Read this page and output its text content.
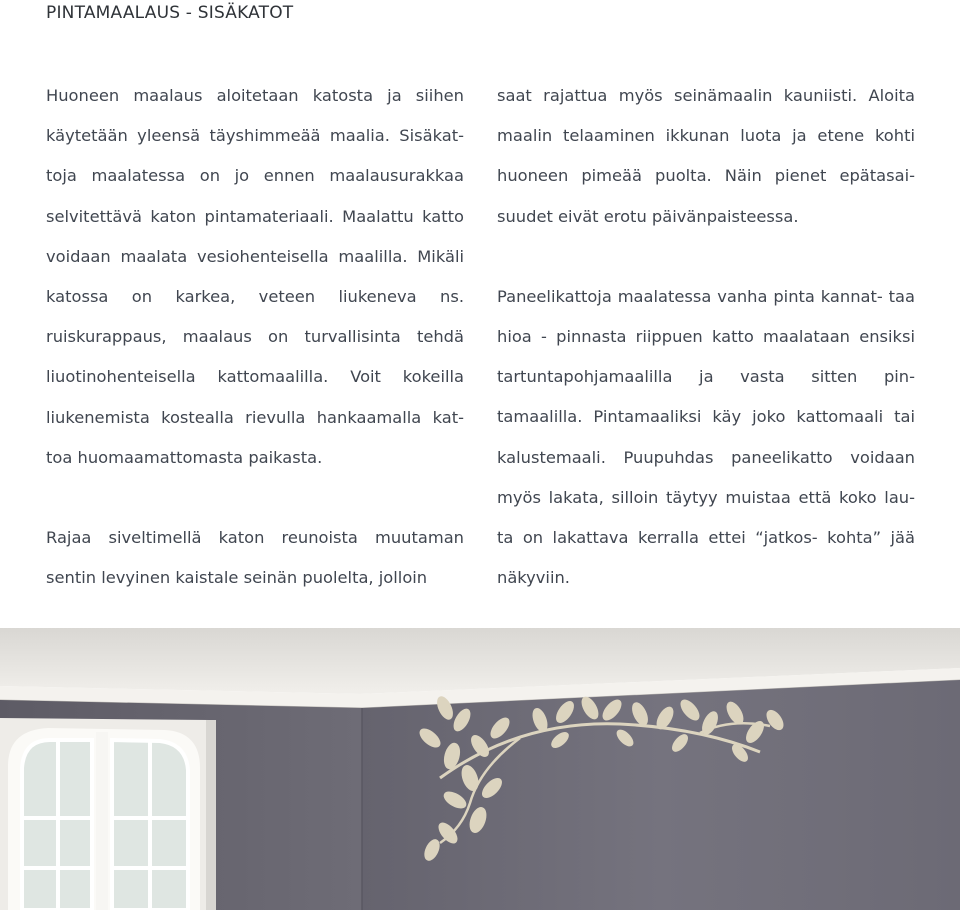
PINTAMAALAUS - SISÄKATOT

Huoneen maalaus aloitetaan katosta ja siihen käytetään yleensä täyshimmeää maalia. Sisäkat- toja maalatessa on jo ennen maalausurakkaa selvitettävä katon pintamateriaali. Maalattu katto voidaan maalata vesiohenteisella maalilla. Mikäli katossa on karkea, veteen liukeneva ns. ruiskurappaus, maalaus on turvallisinta tehdä liuotinohenteisella kattomaalilla. Voit kokeilla liukenemista kostealla rievulla hankaamalla kat- toa huomaamattomasta paikasta.

Rajaa siveltimellä katon reunoista muutaman sentin levyinen kaistale seinän puolelta, jolloin

saat rajattua myös seinämaalin kauniisti. Aloita maalin telaaminen ikkunan luota ja etene kohti huoneen pimeää puolta. Näin pienet epätasai- suudet eivät erotu päivänpaisteessa.

Paneelikattoja maalatessa vanha pinta kannat- taa hioa - pinnasta riippuen katto maalataan ensiksi tartuntapohjamaalilla ja vasta sitten pin- tamaalilla. Pintamaaliksi käy joko kattomaali tai kalustemaali. Puupuhdas paneelikatto voidaan myös lakata, silloin täytyy muistaa että koko lau- ta on lakattava kerralla ettei “jatkos- kohta” jää näkyviin.
